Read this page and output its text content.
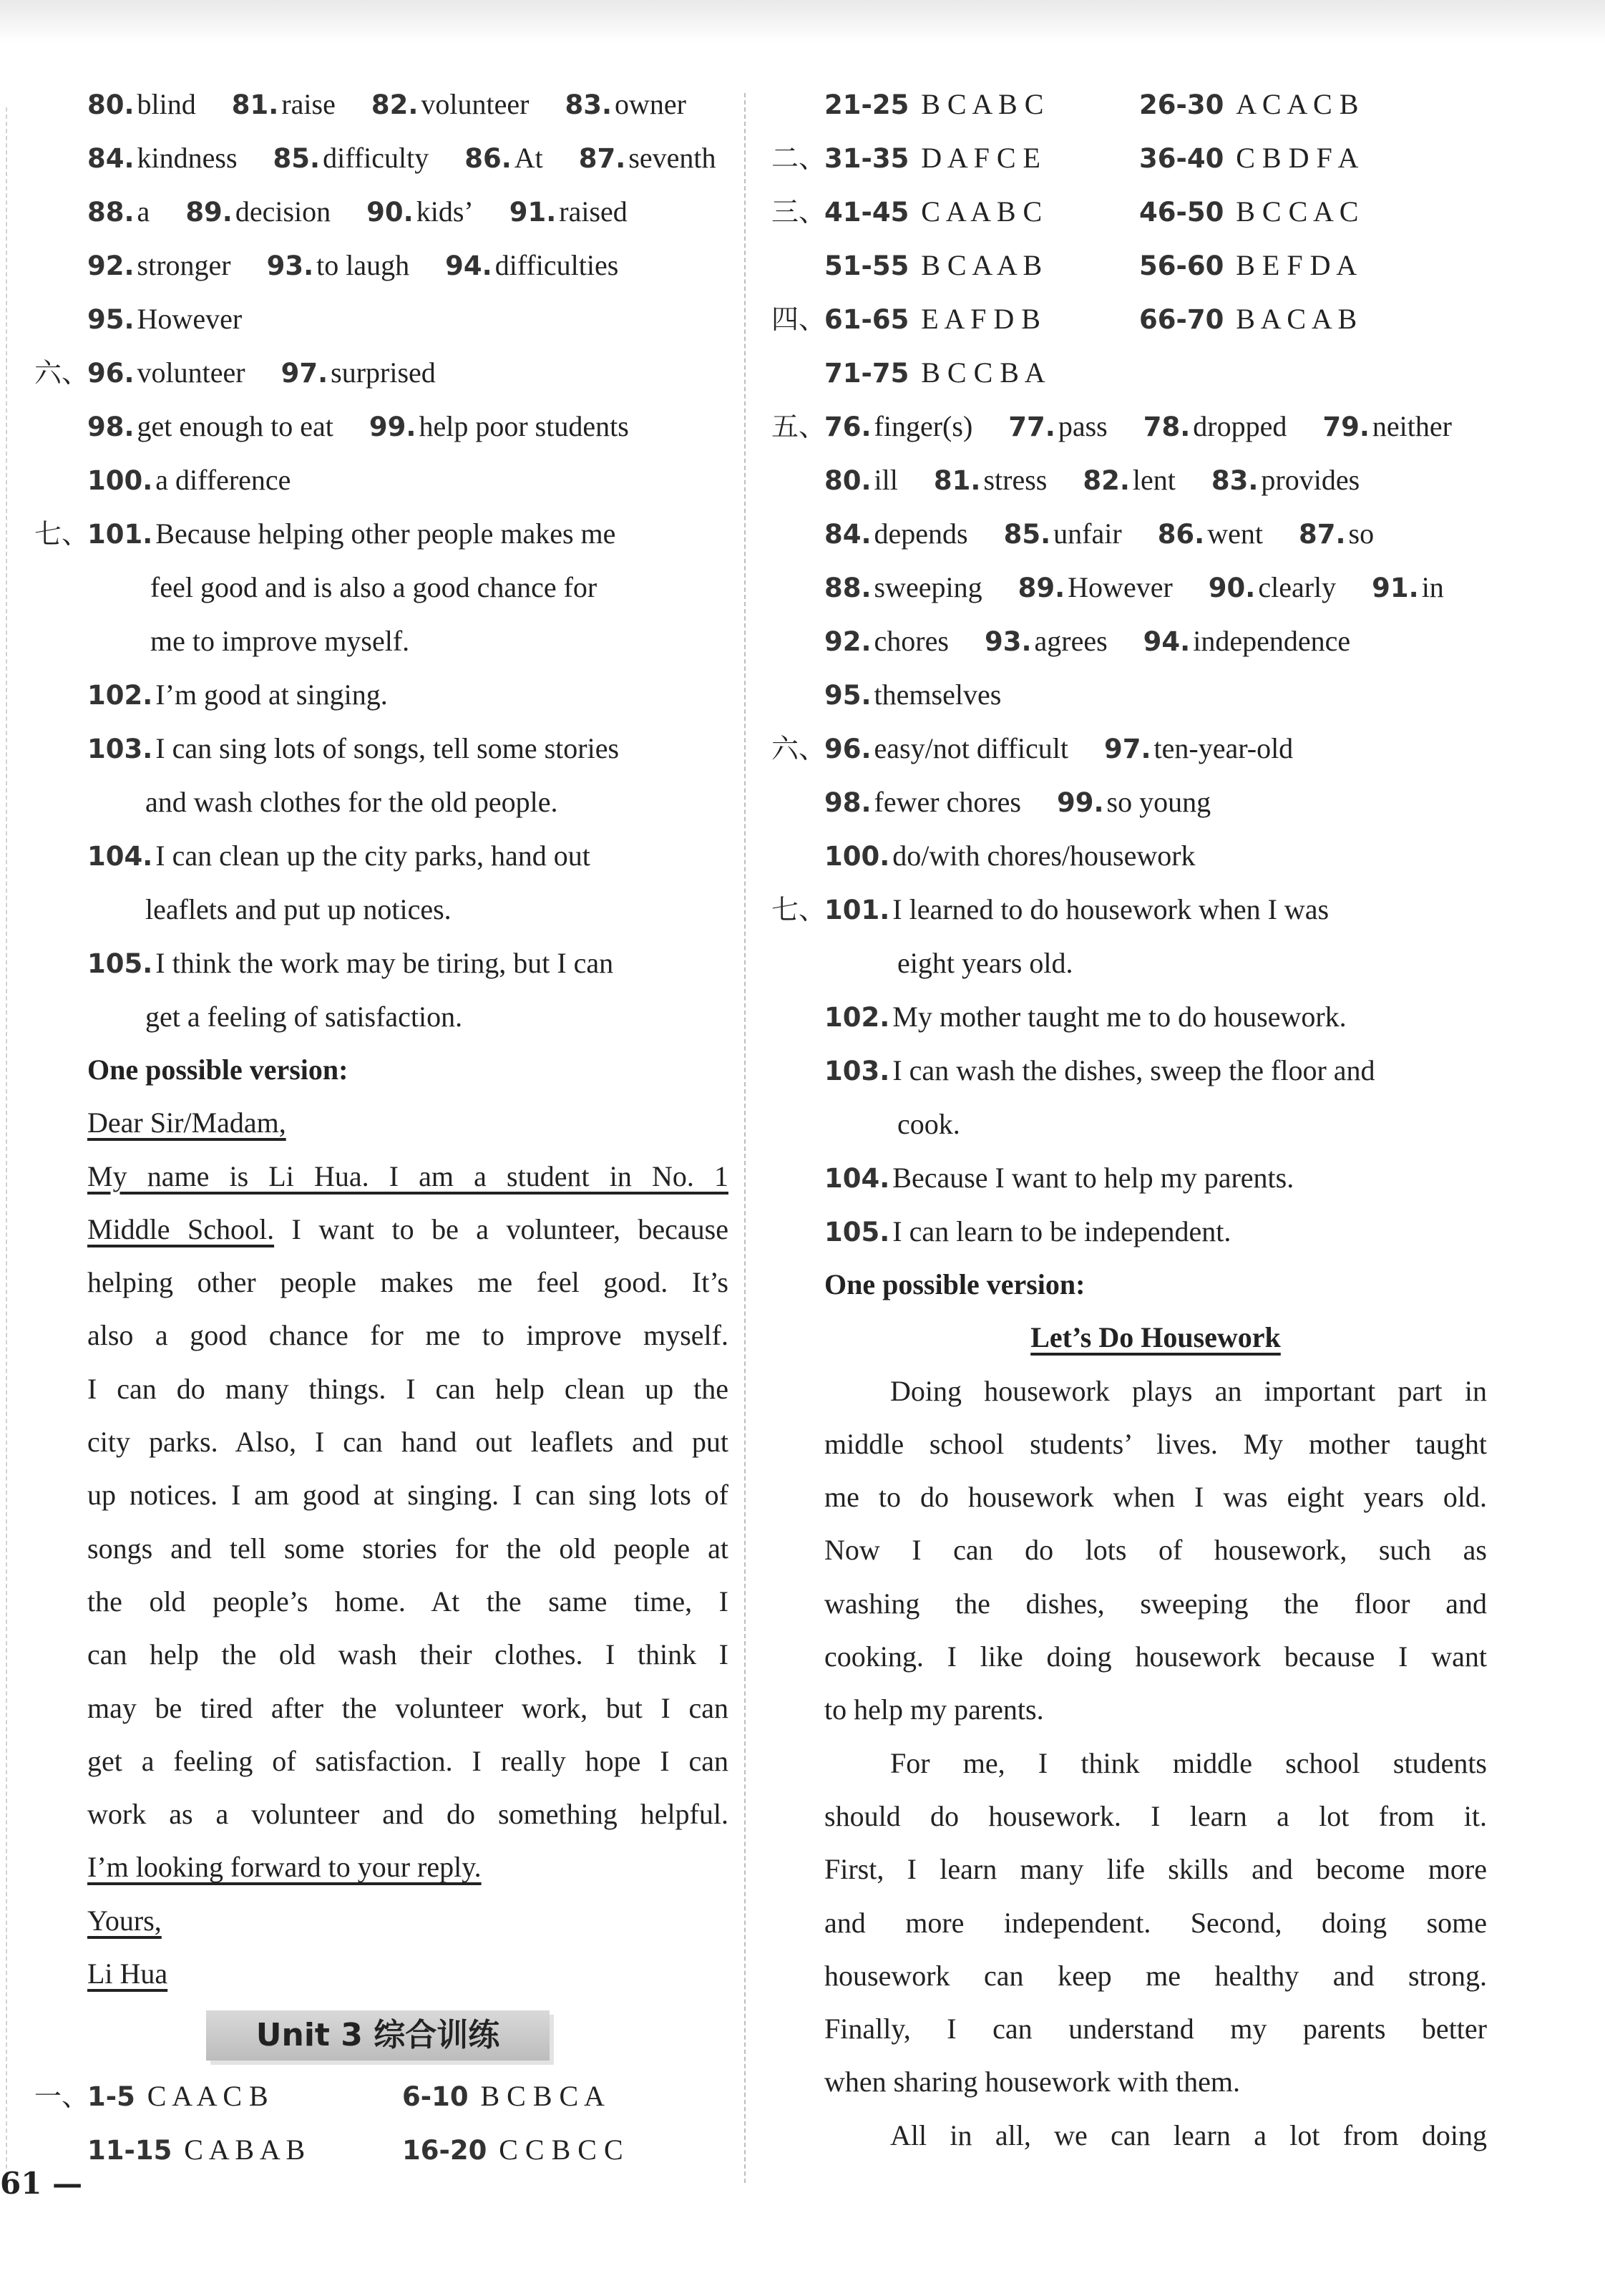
80. blind 81. raise 82. volunteer 83. owner
84. kindness 85. difficulty 86. At 87. seventh
88. a 89. decision 90. kids’ 91. raised
92. stronger 93. to laugh 94. difficulties
95. However
六、96. volunteer 97. surprised
98. get enough to eat 99. help poor students
100. a difference
七、101. Because helping other people makes me
feel good and is also a good chance for
me to improve myself.
102. I’m good at singing.
103. I can sing lots of songs, tell some stories
and wash clothes for the old people.
104. I can clean up the city parks, hand out
leaflets and put up notices.
105. I think the work may be tiring, but I can
get a feeling of satisfaction.
One possible version:
Dear Sir/Madam,
My name is Li Hua. I am a student in No. 1
Middle School. I want to be a volunteer, because
helping other people makes me feel good. It’s
also a good chance for me to improve myself.
I can do many things. I can help clean up the
city parks. Also, I can hand out leaflets and put
up notices. I am good at singing. I can sing lots of
songs and tell some stories for the old people at
the old people’s home. At the same time, I
can help the old wash their clothes. I think I
may be tired after the volunteer work, but I can
get a feeling of satisfaction. I really hope I can
work as a volunteer and do something helpful.
I’m looking forward to your reply.
Yours,
Li Hua
Unit 3 综合训练
一、1-5 C A A C B	6-10 B C B C A
11-15 C A B A B	16-20 C C B C C
21-25 B C A B C	26-30 A C A C B
二、31-35 D A F C E	36-40 C B D F A
三、41-45 C A A B C	46-50 B C C A C
51-55 B C A A B	56-60 B E F D A
四、61-65 E A F D B	66-70 B A C A B
71-75 B C C B A
五、76. finger(s) 77. pass 78. dropped 79. neither
80. ill 81. stress 82. lent 83. provides
84. depends 85. unfair 86. went 87. so
88. sweeping 89. However 90. clearly 91. in
92. chores 93. agrees 94. independence
95. themselves
六、96. easy/not difficult 97. ten-year-old
98. fewer chores 99. so young
100. do/with chores/housework
七、101. I learned to do housework when I was
eight years old.
102. My mother taught me to do housework.
103. I can wash the dishes, sweep the floor and
cook.
104. Because I want to help my parents.
105. I can learn to be independent.
One possible version:
Let’s Do Housework
Doing housework plays an important part in
middle school students’ lives. My mother taught
me to do housework when I was eight years old.
Now I can do lots of housework, such as
washing the dishes, sweeping the floor and
cooking. I like doing housework because I want
to help my parents.
For me, I think middle school students
should do housework. I learn a lot from it.
First, I learn many life skills and become more
and more independent. Second, doing some
housework can keep me healthy and strong.
Finally, I can understand my parents better
when sharing housework with them.
All in all, we can learn a lot from doing
61 —
